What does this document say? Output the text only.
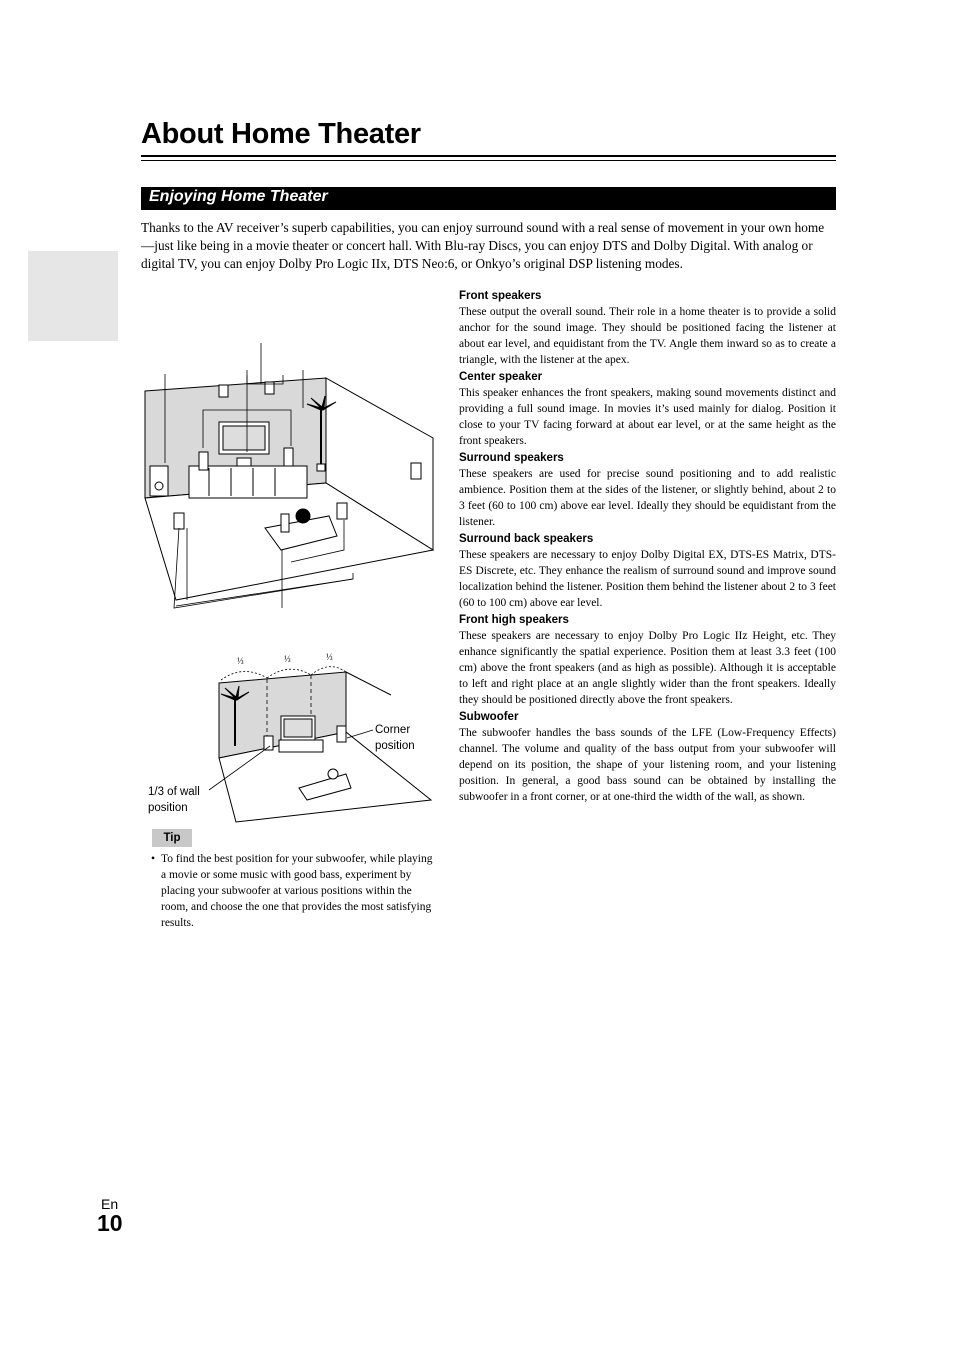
About Home Theater
Enjoying Home Theater

Thanks to the AV receiver’s superb capabilities, you can enjoy surround sound with a real sense of movement in your own home—just like being in a movie theater or concert hall. With Blu-ray Discs, you can enjoy DTS and Dolby Digital. With analog or digital TV, you can enjoy Dolby Pro Logic IIx, DTS Neo:6, or Onkyo’s original DSP listening modes.

Front speakers

These output the overall sound. Their role in a home theater is to provide a solid anchor for the sound image. They should be positioned facing the listener at about ear level, and equidistant from the TV. Angle them inward so as to create a triangle, with the listener at the apex.

Center speaker

This speaker enhances the front speakers, making sound movements distinct and providing a full sound image. In movies it’s used mainly for dialog. Position it close to your TV facing forward at about ear level, or at the same height as the front speakers.

Surround speakers

These speakers are used for precise sound positioning and to add realistic ambience. Position them at the sides of the listener, or slightly behind, about 2 to 3 feet (60 to 100 cm) above ear level. Ideally they should be equidistant from the listener.

Surround back speakers

These speakers are necessary to enjoy Dolby Digital EX, DTS-ES Matrix, DTS-ES Discrete, etc. They enhance the realism of surround sound and improve sound localization behind the listener. Position them behind the listener about 2 to 3 feet (60 to 100 cm) above ear level.

Front high speakers

These speakers are necessary to enjoy Dolby Pro Logic IIz Height, etc. They enhance significantly the spatial experience. Position them at least 3.3 feet (100 cm) above the front speakers (and as high as possible). Although it is acceptable to left and right place at an angle slightly wider than the front speakers. Ideally they should be positioned directly above the front speakers.

Subwoofer

The subwoofer handles the bass sounds of the LFE (Low-Frequency Effects) channel. The volume and quality of the bass output from your subwoofer will depend on its position, the shape of your listening room, and your listening position. In general, a good bass sound can be obtained by installing the subwoofer in a front corner, or at one-third the width of the wall, as shown.

⅓	⅓	⅓
Corner
position
1/3 of wall
position
Tip

• To find the best position for your subwoofer, while playing a movie or some music with good bass, experiment by placing your subwoofer at various positions within the room, and choose the one that provides the most satisfying results.

En
10
